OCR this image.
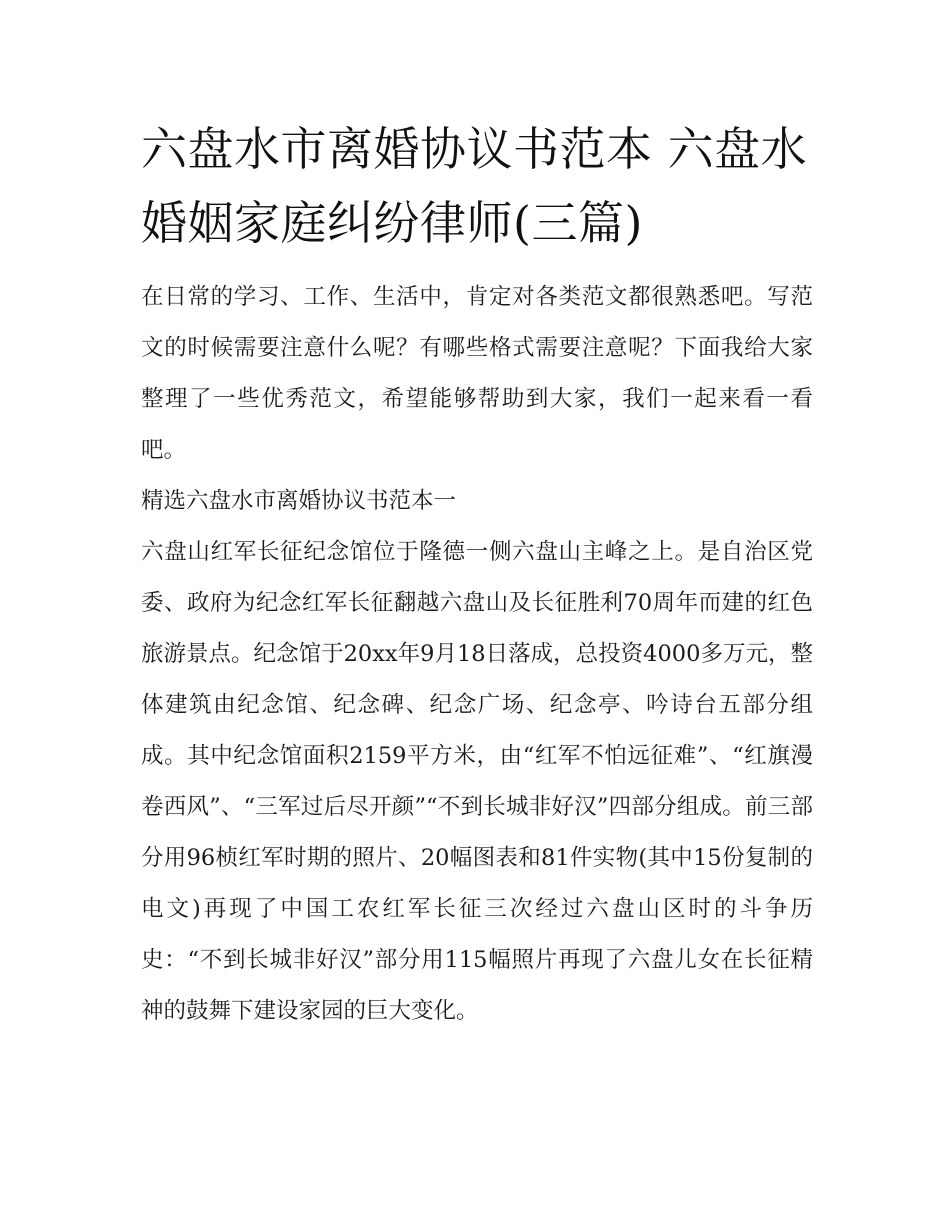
六盘水市离婚协议书范本 六盘水婚姻家庭纠纷律师(三篇)

在日常的学习、工作、生活中，肯定对各类范文都很熟悉吧。写范文的时候需要注意什么呢？有哪些格式需要注意呢？下面我给大家整理了一些优秀范文，希望能够帮助到大家，我们一起来看一看吧。

精选六盘水市离婚协议书范本一

六盘山红军长征纪念馆位于隆德一侧六盘山主峰之上。是自治区党委、政府为纪念红军长征翻越六盘山及长征胜利70周年而建的红色旅游景点。纪念馆于20xx年9月18日落成，总投资4000多万元，整体建筑由纪念馆、纪念碑、纪念广场、纪念亭、吟诗台五部分组成。其中纪念馆面积2159平方米，由“红军不怕远征难”、“红旗漫卷西风”、“三军过后尽开颜”“不到长城非好汉”四部分组成。前三部分用96桢红军时期的照片、20幅图表和81件实物(其中15份复制的电文)再现了中国工农红军长征三次经过六盘山区时的斗争历史：“不到长城非好汉”部分用115幅照片再现了六盘儿女在长征精神的鼓舞下建设家园的巨大变化。
